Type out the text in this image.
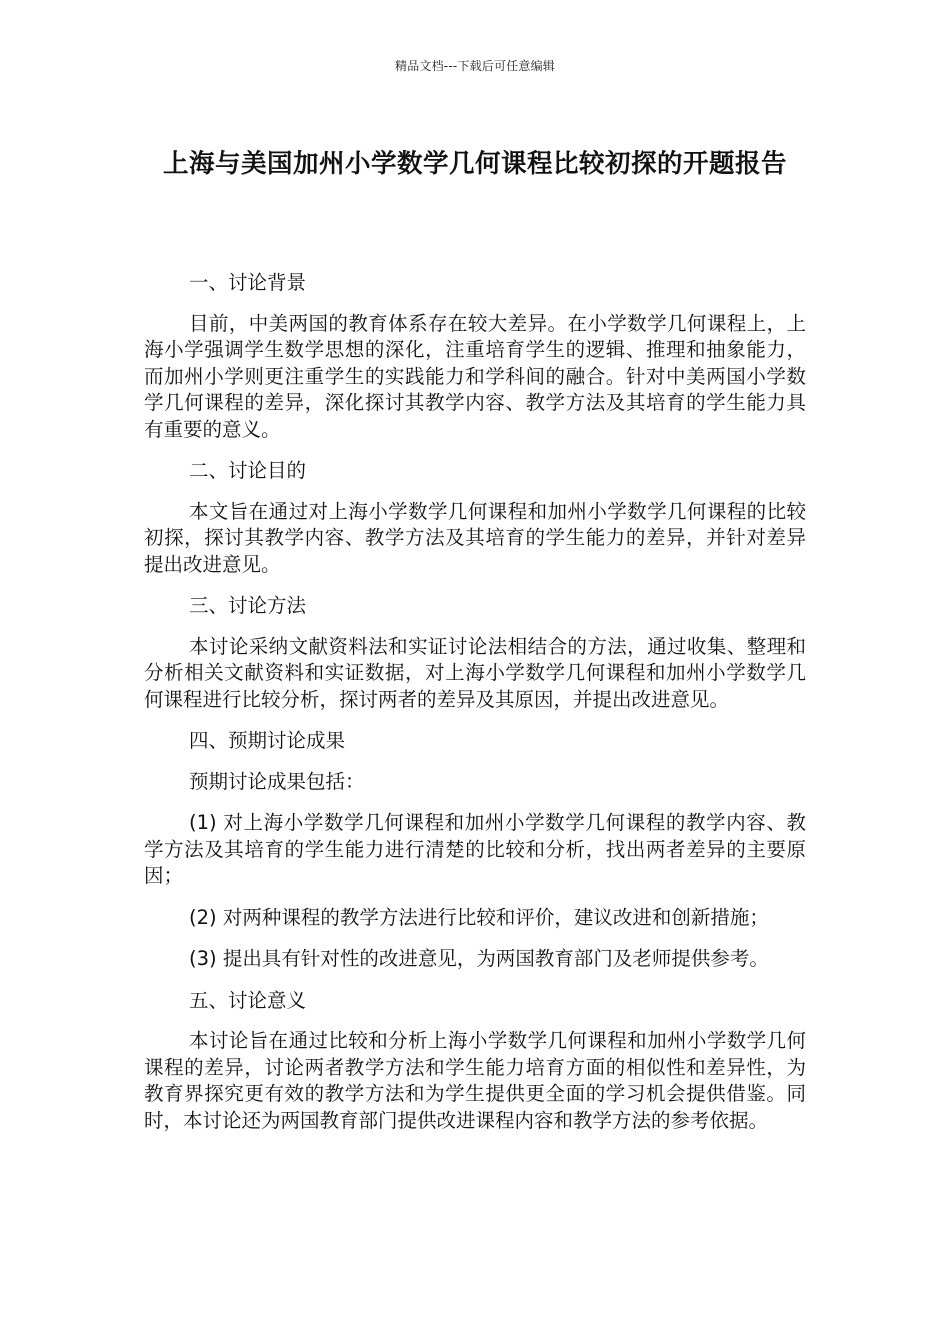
精品文档---下载后可任意编辑
上海与美国加州小学数学几何课程比较初探的开题报告

一、讨论背景

目前，中美两国的教育体系存在较大差异。在小学数学几何课程上，上海小学强调学生数学思想的深化，注重培育学生的逻辑、推理和抽象能力，而加州小学则更注重学生的实践能力和学科间的融合。针对中美两国小学数学几何课程的差异，深化探讨其教学内容、教学方法及其培育的学生能力具有重要的意义。

二、讨论目的

本文旨在通过对上海小学数学几何课程和加州小学数学几何课程的比较初探，探讨其教学内容、教学方法及其培育的学生能力的差异，并针对差异提出改进意见。

三、讨论方法

本讨论采纳文献资料法和实证讨论法相结合的方法，通过收集、整理和分析相关文献资料和实证数据，对上海小学数学几何课程和加州小学数学几何课程进行比较分析，探讨两者的差异及其原因，并提出改进意见。

四、预期讨论成果

预期讨论成果包括：

(1) 对上海小学数学几何课程和加州小学数学几何课程的教学内容、教学方法及其培育的学生能力进行清楚的比较和分析，找出两者差异的主要原因；

(2) 对两种课程的教学方法进行比较和评价，建议改进和创新措施；

(3) 提出具有针对性的改进意见，为两国教育部门及老师提供参考。

五、讨论意义

本讨论旨在通过比较和分析上海小学数学几何课程和加州小学数学几何课程的差异，讨论两者教学方法和学生能力培育方面的相似性和差异性，为教育界探究更有效的教学方法和为学生提供更全面的学习机会提供借鉴。同时，本讨论还为两国教育部门提供改进课程内容和教学方法的参考依据。
